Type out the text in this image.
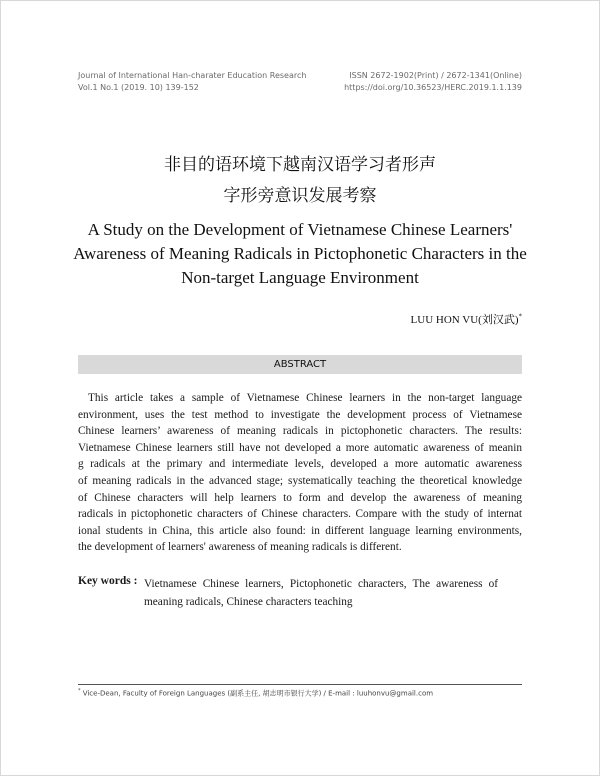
Journal of International Han-charater Education Research
Vol.1 No.1 (2019. 10) 139-152
ISSN 2672-1902(Print) / 2672-1341(Online)
https://doi.org/10.36523/HERC.2019.1.1.139
非目的语环境下越南汉语学习者形声
字形旁意识发展考察
A Study on the Development of Vietnamese Chinese Learners'
Awareness of Meaning Radicals in Pictophonetic Characters in the
Non-target Language Environment
LUU HON VU(刘汉武)*
ABSTRACT
This article takes a sample of Vietnamese Chinese learners in the non-target language
environment, uses the test method to investigate the development process of Vietnamese
Chinese learners’ awareness of meaning radicals in pictophonetic characters. The results:
Vietnamese Chinese learners still have not developed a more automatic awareness of meanin
g radicals at the primary and intermediate levels, developed a more automatic awareness
of meaning radicals in the advanced stage; systematically teaching the theoretical knowledge
of Chinese characters will help learners to form and develop the awareness of meaning
radicals in pictophonetic characters of Chinese characters. Compare with the study of internat
ional students in China, this article also found: in different language learning environments,
the development of learners' awareness of meaning radicals is different.
Key words : Vietnamese Chinese learners, Pictophonetic characters, The awareness of
meaning radicals, Chinese characters teaching
* Vice-Dean, Faculty of Foreign Languages (副系主任, 胡志明市银行大学) / E-mail : luuhonvu@gmail.com
